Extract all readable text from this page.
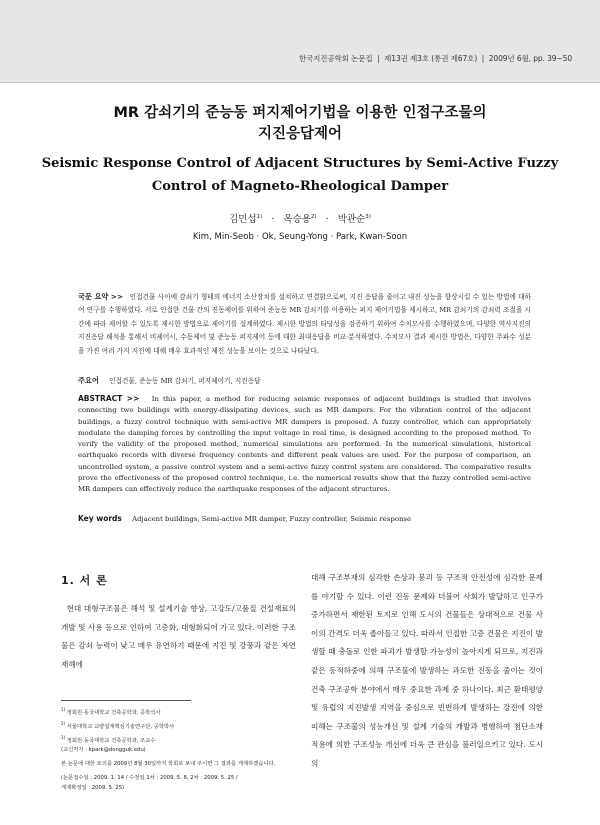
한국지진공학회 논문집  |  제13권 제3호 (통권 제67호)  |  2009년 6월, pp. 39~50
MR 감쇠기의 준능동 퍼지제어기법을 이용한 인접구조물의
지진응답제어
Seismic Response Control of Adjacent Structures by Semi-Active Fuzzy
Control of Magneto-Rheological Damper
김민섭$^{1)}$ · 옥승용$^{2)}$ · 박관순$^{3)}$
Kim, Min-Seob · Ok, Seung-Yong · Park, Kwan-Soon
국문 요약 >> 인접건물 사이에 감쇠기 형태의 에너지 소산장치를 설치하고 연결함으로써, 지진 응답을 줄이고 내진 성능을 향상시킬 수 있는 방법에 대하여 연구를 수행하였다. 서로 인접한 건물 간의 진동제어를 위하여 준능동 MR 감쇠기를 이용하는 퍼지 제어기법을 제시하고, MR 감쇠기의 감쇠력 조절을 시간에 따라 제어할 수 있도록 제시한 방법으로 제어기를 설계하였다. 제시한 방법의 타당성을 검증하기 위하여 수치모사를 수행하였으며, 다양한 역사지진의 지진응답 해석을 통해서 비제어시, 수동제어 및 준능동 퍼지제어 등에 대한 최대응답을 비교·분석하였다. 수치모사 결과 제시한 방법은, 다양한 주파수 성분을 가진 여러 가지 지진에 대해 매우 효과적인 제진 성능을 보이는 것으로 나타났다.
주요어 인접건물, 준능동 MR 감쇠기, 퍼지제어기, 지진응답
ABSTRACT >> In this paper, a method for reducing seismic responses of adjacent buildings is studied that involves connecting two buildings with energy-dissipating devices, such as MR dampers. For the vibration control of the adjacent buildings, a fuzzy control technique with semi-active MR dampers is proposed. A fuzzy controller, which can appropriately modulate the damping forces by controlling the input voltage in real time, is designed according to the proposed method. To verify the validity of the proposed method, numerical simulations are performed. In the numerical simulations, historical earthquake records with diverse frequency contents and different peak values are used. For the purpose of comparison, an uncontrolled system, a passive control system and a semi-active fuzzy control system are considered. The comparative results prove the effectiveness of the proposed control technique, i.e. the numerical results show that the fuzzy controlled semi-active MR dampers can effectively reduce the earthquake responses of the adjacent structures.
Key words Adjacent buildings, Semi-active MR damper, Fuzzy controller, Seismic response
1. 서 론
현대 대형구조물은 해석 및 설계기술 향상, 고강도/고품질 건설재료의 개발 및 사용 등으로 인하여 고층화, 대형화되어 가고 있다. 이러한 구조물은 감쇠 능력이 낮고 매우 유연하기 때문에 지진 및 강풍과 같은 자연재해에

$^{1)}$ 정회원·동국대학교 건축공학과, 공학석사

$^{2)}$ 서울대학교 교량설계핵심기술연구단, 공학박사

$^{3)}$ 정회원·동국대학교 건축공학과, 조교수

(교신저자 : kpark@dongguk.edu)

본 논문에 대한 토의를 2009년 8월 30일까지 학회로 보내 주시면 그 결과를 게재하겠습니다.

(논문접수일 : 2009. 1. 14 / 수정일 1차 : 2009. 5. 8, 2차 : 2009. 5. 25 /

게재확정일 : 2009. 5. 25)

대해 구조부재의 심각한 손상과 붕괴 등 구조적 안전성에 심각한 문제를 야기할 수 있다. 이런 진동 문제와 더불어 사회가 발달하고 인구가 증가하면서 제한된 토지로 인해 도시의 건물들은 상대적으로 건물 사이의 간격도 더욱 좁아들고 있다. 따라서 인접한 고층 건물은 지진이 발생할 때 충돌로 인한 파괴가 발생할 가능성이 높아지게 되므로, 지진과 같은 동적하중에 의해 구조물에 발생하는 과도한 진동을 줄이는 것이 건축 구조공학 분야에서 매우 중요한 과제 중 하나이다. 최근 환태평양 및 유럽의 지진발생 지역을 중심으로 빈번하게 발생하는 강진에 의한 피해는 구조물의 성능개선 및 설계 기술의 개발과 병행하여 첨단소재 적용에 의한 구조성능 개선에 더욱 큰 관심을 불러일으키고 있다. 도시의
